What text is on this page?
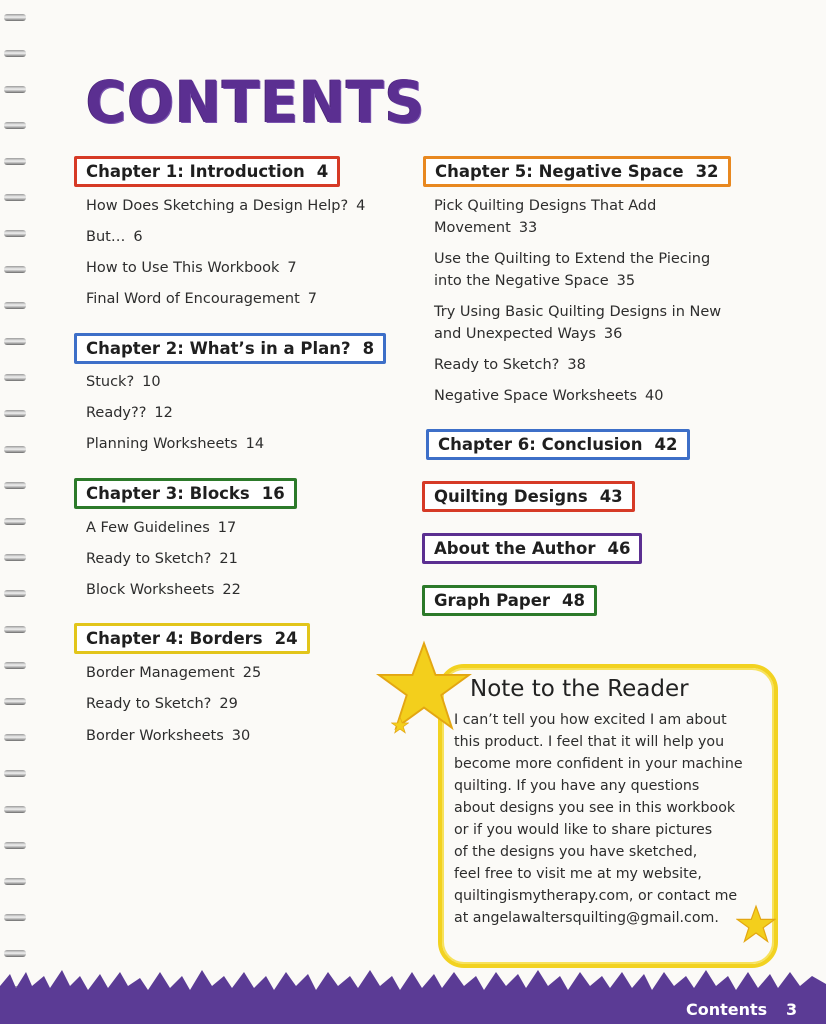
CONTENTS
Chapter 1: Introduction 4
How Does Sketching a Design Help? 4
But… 6
How to Use This Workbook 7
Final Word of Encouragement 7
Chapter 2: What’s in a Plan? 8
Stuck? 10
Ready?? 12
Planning Worksheets 14
Chapter 3: Blocks 16
A Few Guidelines 17
Ready to Sketch? 21
Block Worksheets 22
Chapter 4: Borders 24
Border Management 25
Ready to Sketch? 29
Border Worksheets 30
Chapter 5: Negative Space 32
Pick Quilting Designs That Add
Movement 33
Use the Quilting to Extend the Piecing
into the Negative Space 35
Try Using Basic Quilting Designs in New
and Unexpected Ways 36
Ready to Sketch? 38
Negative Space Worksheets 40
Chapter 6: Conclusion 42
Quilting Designs 43
About the Author 46
Graph Paper 48
Note to the Reader
I can’t tell you how excited I am about
this product. I feel that it will help you
become more confident in your machine
quilting. If you have any questions
about designs you see in this workbook
or if you would like to share pictures
of the designs you have sketched,
feel free to visit me at my website,
quiltingismytherapy.com, or contact me
at angelawaltersquilting@gmail.com.
Contents 3
